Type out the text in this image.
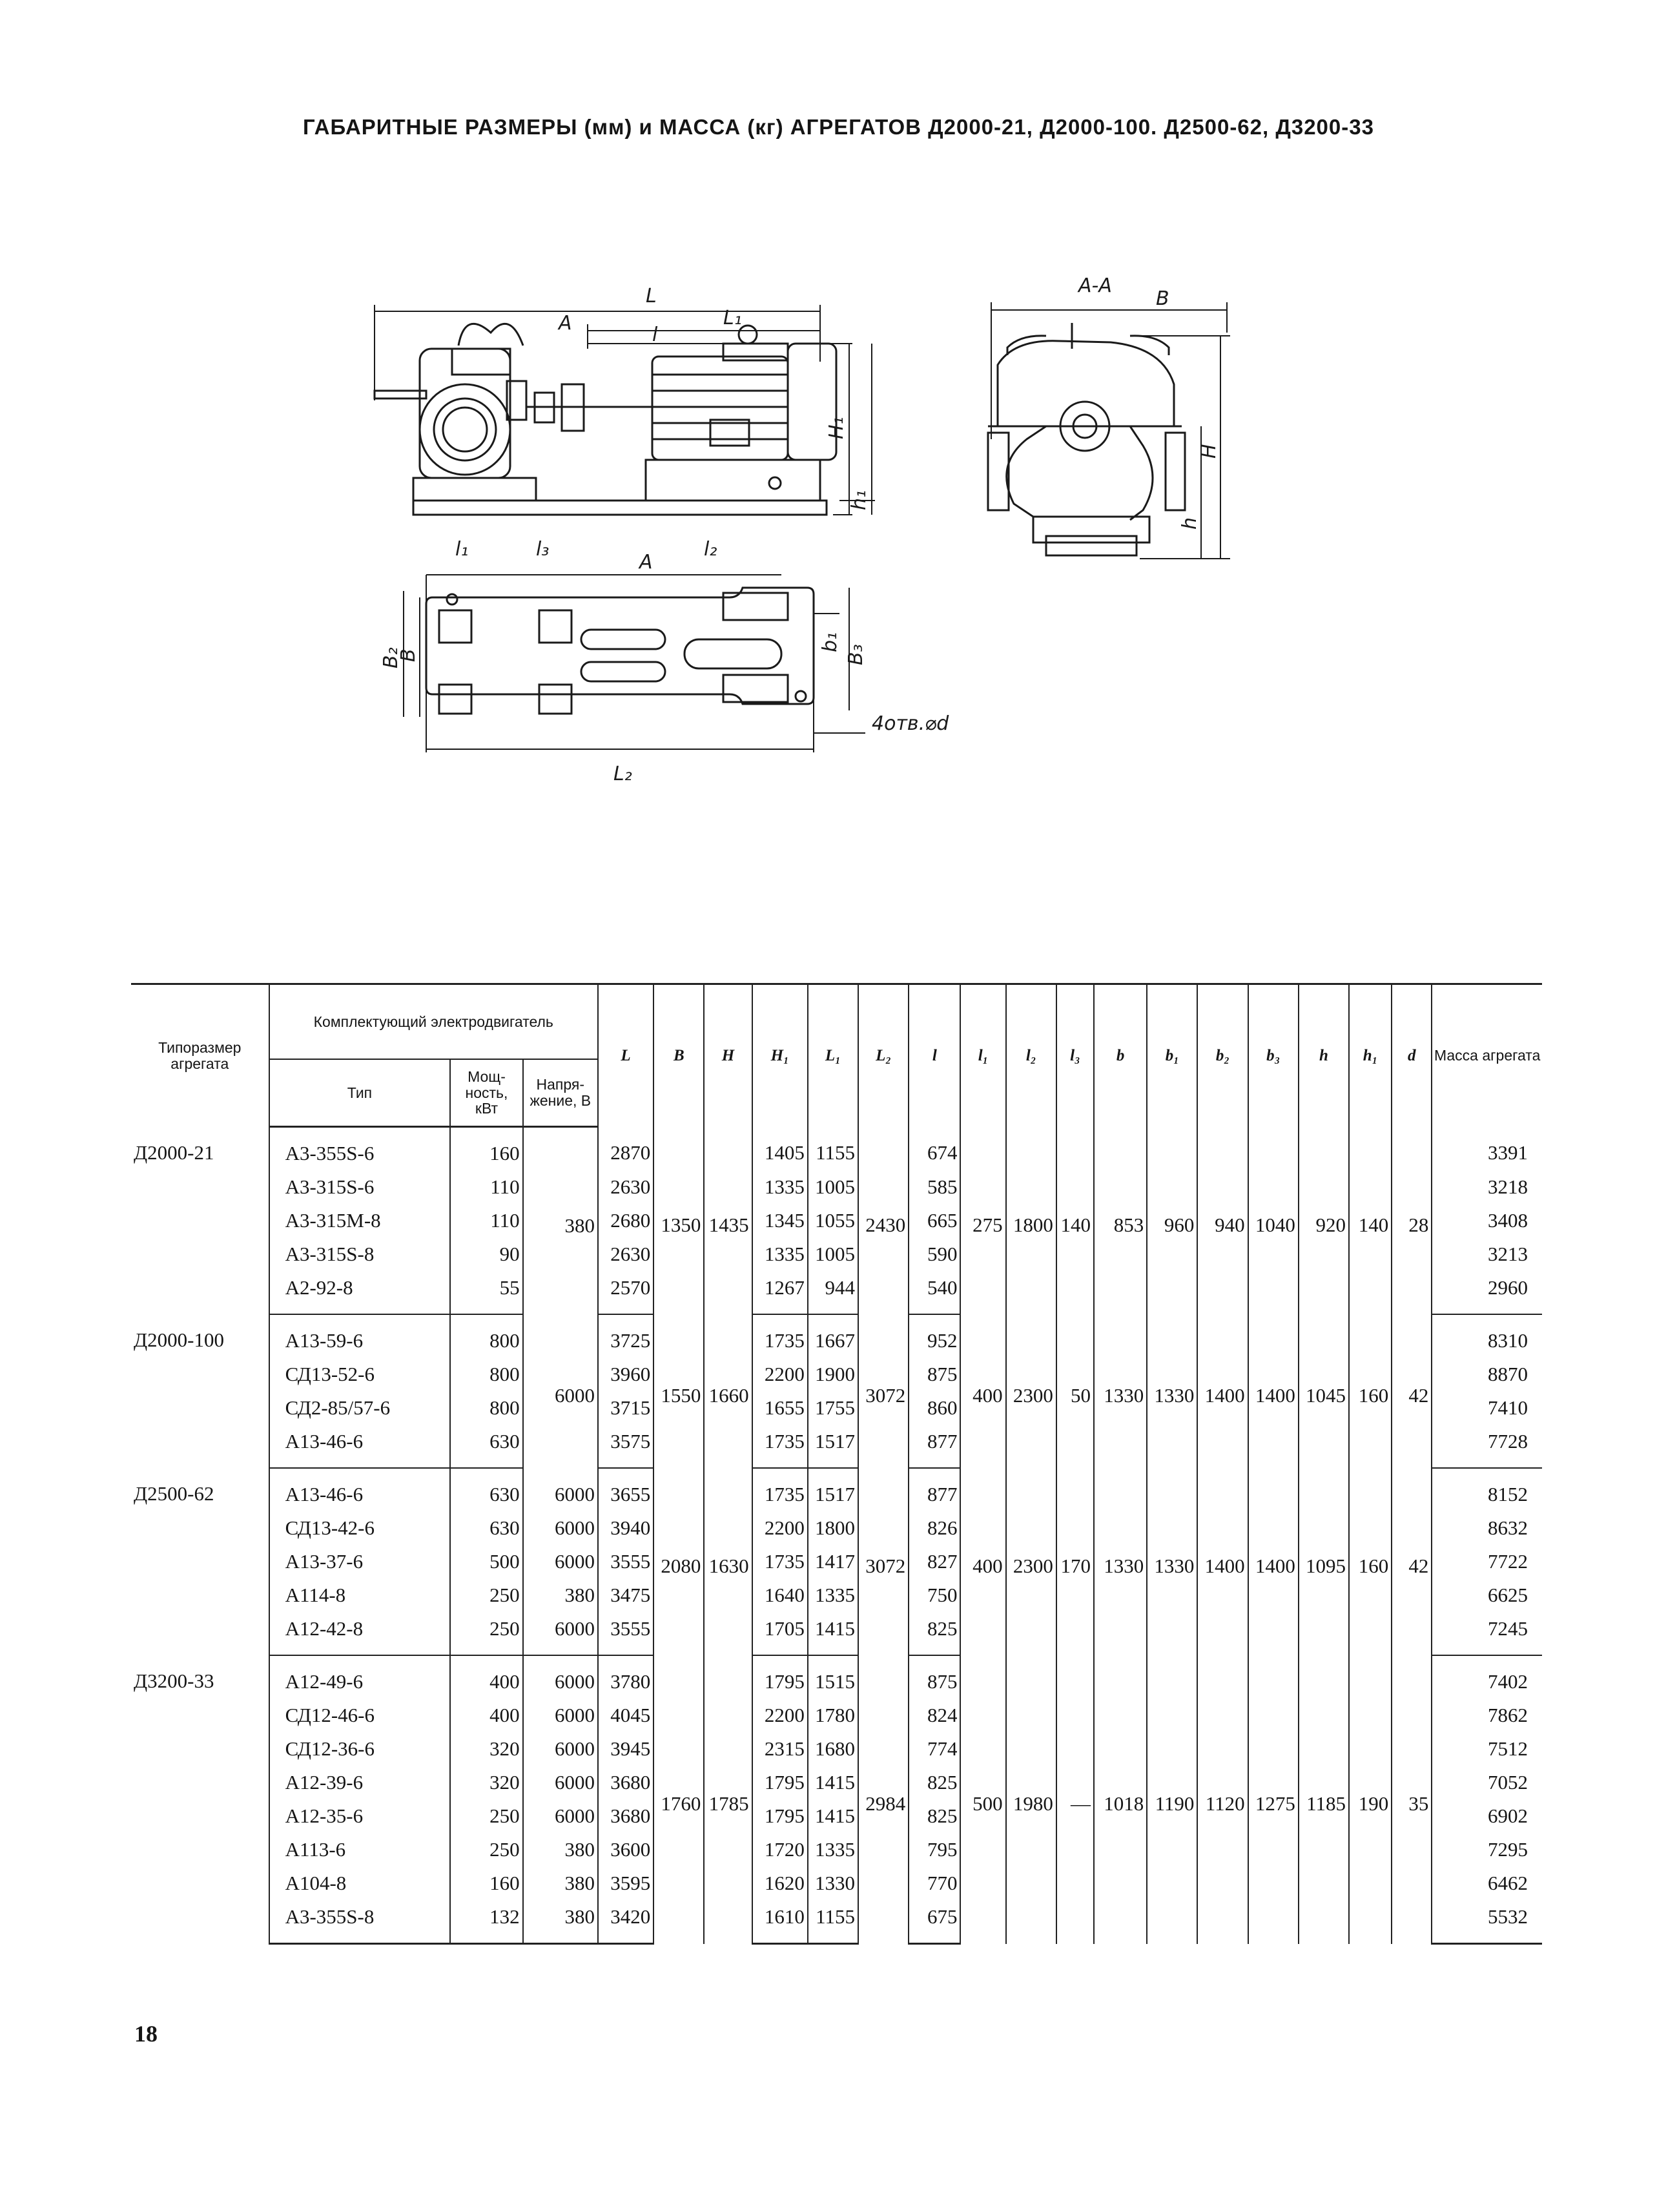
ГАБАРИТНЫЕ РАЗМЕРЫ (мм) и МАССА (кг) АГРЕГАТОВ Д2000-21, Д2000-100. Д2500-62, Д3200-33
L
A	L₁
l
H₁
h₁
A-A
B
H
h
l₁	l₃
A
l₂
B₂
B
b₁
B₃
L₂
4отв.⌀d
Типоразмер агрегата	Комплектующий электродвигатель			L	B	H	H₁	L₁	L₂	l	l₁	l₂	l₃	b	b₁	b₂	b₃	h	h₁	d	Масса агрегата
	Тип	Мощ-ность, кВт	Напря-жение, В																		
Д2000-21	А3-355S-6	160	380	2870	1350	1435	1405	1155	2430	674	275	1800	140	853	960	940	1040	920	140	28	3391
	А3-315S-6	110		2630			1335	1005		585											3218
	А3-315М-8	110		2680			1345	1055		665											3408
	А3-315S-8	90		2630			1335	1005		590											3213
	А2-92-8	55		2570			1267	944		540											2960
Д2000-100	А13-59-6	800	6000	3725	1550	1660	1735	1667	3072	952	400	2300	50	1330	1330	1400	1400	1045	160	42	8310
	СД13-52-6	800		3960			2200	1900		875											8870
	СД2-85/57-6	800		3715			1655	1755		860											7410
	А13-46-6	630		3575			1735	1517		877											7728
Д2500-62	А13-46-6	630	6000	3655	2080	1630	1735	1517	3072	877	400	2300	170	1330	1330	1400	1400	1095	160	42	8152
	СД13-42-6	630	6000	3940			2200	1800		826											8632
	А13-37-6	500	6000	3555			1735	1417		827											7722
	А114-8	250	380	3475			1640	1335		750											6625
	А12-42-8	250	6000	3555			1705	1415		825											7245
Д3200-33	А12-49-6	400	6000	3780	1760	1785	1795	1515	2984	875	500	1980	—	1018	1190	1120	1275	1185	190	35	7402
	СД12-46-6	400	6000	4045			2200	1780		824											7862
	СД12-36-6	320	6000	3945			2315	1680		774											7512
	А12-39-6	320	6000	3680			1795	1415		825											7052
	А12-35-6	250	6000	3680			1795	1415		825											6902
	А113-6	250	380	3600			1720	1335		795											7295
	А104-8	160	380	3595			1620	1330		770											6462
	А3-355S-8	132	380	3420			1610	1155		675											5532
18
